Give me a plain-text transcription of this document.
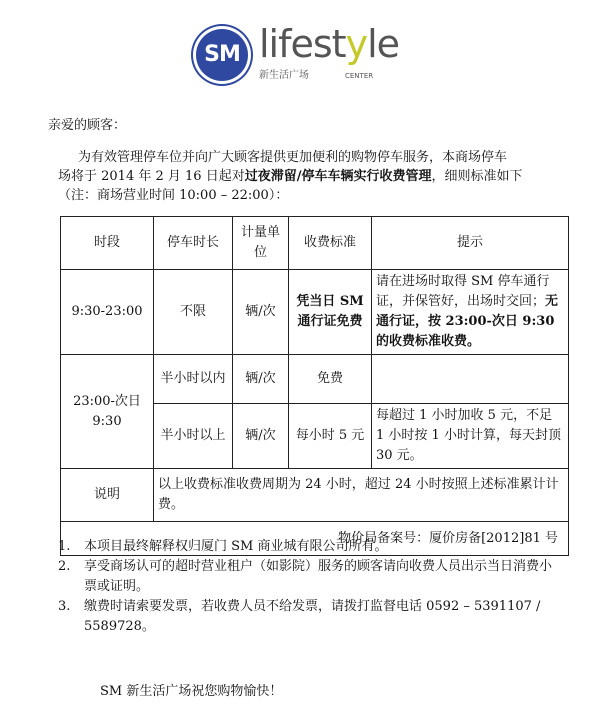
SM lifestyle
新生活广场	CENTER
亲爱的顾客：

为有效管理停车位并向广大顾客提供更加便利的购物停车服务，本商场停车

场将于 2014 年 2 月 16 日起对过夜滞留/停车车辆实行收费管理，细则标准如下

（注：商场营业时间 10:00 – 22:00）：

时段	停车时长	计量单位	收费标准	提示
9:30-23:00	不限	辆/次	凭当日 SM 通行证免费	请在进场时取得 SM 停车通行证，并保管好，出场时交回；无通行证，按 23:00-次日 9:30 的收费标准收费。
23:00-次日 9:30	半小时以内	辆/次	免费	
	半小时以上	辆/次	每小时 5 元	每超过 1 小时加收 5 元，不足 1 小时按 1 小时计算，每天封顶 30 元。
说明	以上收费标准收费周期为 24 小时，超过 24 小时按照上述标准累计计费。			
物价局备案号：厦价房备[2012]81 号				
1. 本项目最终解释权归厦门 SM 商业城有限公司所有。
2. 享受商场认可的超时营业租户（如影院）服务的顾客请向收费人员出示当日消费小票或证明。
3. 缴费时请索要发票，若收费人员不给发票，请拨打监督电话 0592 – 5391107 / 5589728。
SM 新生活广场祝您购物愉快！
